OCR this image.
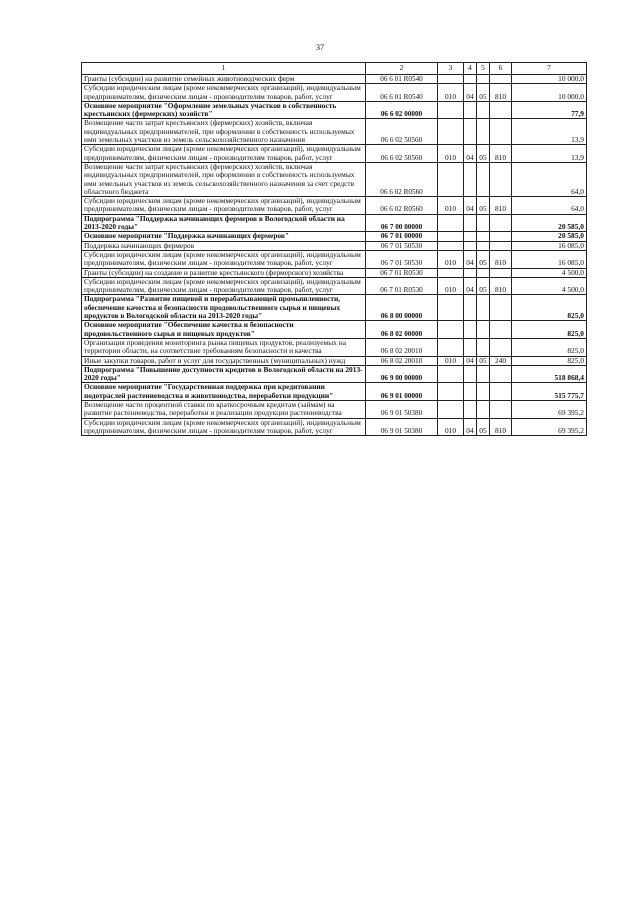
37
1	2	3	4	5	6	7
Гранты (субсидии) на развитие семейных животноводческих ферм	06 6 01 R0540					10 000,0
Субсидии юридическим лицам (кроме некоммерческих организаций), индивидуальным предпринимателям, физическим лицам - производителям товаров, работ, услуг	06 6 01 R0540	010	04	05	810	10 000,0
Основное мероприятие "Оформление земельных участков в собственность крестьянских (фермерских) хозяйств"	06 6 02 00000					77,9
Возмещение части затрат крестьянских (фермерских) хозяйств, включая индивидуальных предпринимателей, при оформлении в собственность используемых ими земельных участков из земель сельскохозяйственного назначения	06 6 02 50560					13,9
Субсидии юридическим лицам (кроме некоммерческих организаций), индивидуальным предпринимателям, физическим лицам - производителям товаров, работ, услуг	06 6 02 50560	010	04	05	810	13,9
Возмещение части затрат крестьянских (фермерских) хозяйств, включая индивидуальных предпринимателей, при оформлении в собственность используемых ими земельных участков из земель сельскохозяйственного назначения за счет средств областного бюджета	06 6 02 R0560					64,0
Субсидии юридическим лицам (кроме некоммерческих организаций), индивидуальным предпринимателям, физическим лицам - производителям товаров, работ, услуг	06 6 02 R0560	010	04	05	810	64,0
Подпрограмма "Поддержка начинающих фермеров в Вологодской области на 2013-2020 годы"	06 7 00 00000					20 585,0
Основное мероприятие "Поддержка начинающих фермеров"	06 7 01 00000					20 585,0
Поддержка начинающих фермеров	06 7 01 50530					16 085,0
Субсидии юридическим лицам (кроме некоммерческих организаций), индивидуальным предпринимателям, физическим лицам - производителям товаров, работ, услуг	06 7 01 50530	010	04	05	810	16 085,0
Гранты (субсидии) на создание и развитие крестьянского (фермерского) хозяйства	06 7 01 R0530					4 500,0
Субсидии юридическим лицам (кроме некоммерческих организаций), индивидуальным предпринимателям, физическим лицам - производителям товаров, работ, услуг	06 7 01 R0530	010	04	05	810	4 500,0
Подпрограмма "Развитие пищевой и перерабатывающей промышленности, обеспечение качества и безопасности продовольственного сырья и пищевых продуктов в Вологодской области на 2013-2020 годы"	06 8 00 00000					825,0
Основное мероприятие "Обеспечение качества и безопасности продовольственного сырья и пищевых продуктов"	06 8 02 00000					825,0
Организация проведения мониторинга рынка пищевых продуктов, реализуемых на территории области, на соответствие требованиям безопасности и качества	06 8 02 20010					825,0
Иные закупки товаров, работ и услуг для государственных (муниципальных) нужд	06 8 02 20010	010	04	05	240	825,0
Подпрограмма "Повышение доступности кредитов в Вологодской области на 2013-2020 годы"	06 9 00 00000					518 868,4
Основное мероприятие "Государственная поддержка при кредитовании подотраслей растениеводства и животноводства, переработки продукции"	06 9 01 00000					515 775,7
Возмещение части процентной ставки по краткосрочным кредитам (займам) на развитие растениеводства, переработки и реализации продукции растениеводства	06 9 01 50380					69 395,2
Субсидии юридическим лицам (кроме некоммерческих организаций), индивидуальным предпринимателям, физическим лицам - производителям товаров, работ, услуг	06 9 01 50380	010	04	05	810	69 395,2
